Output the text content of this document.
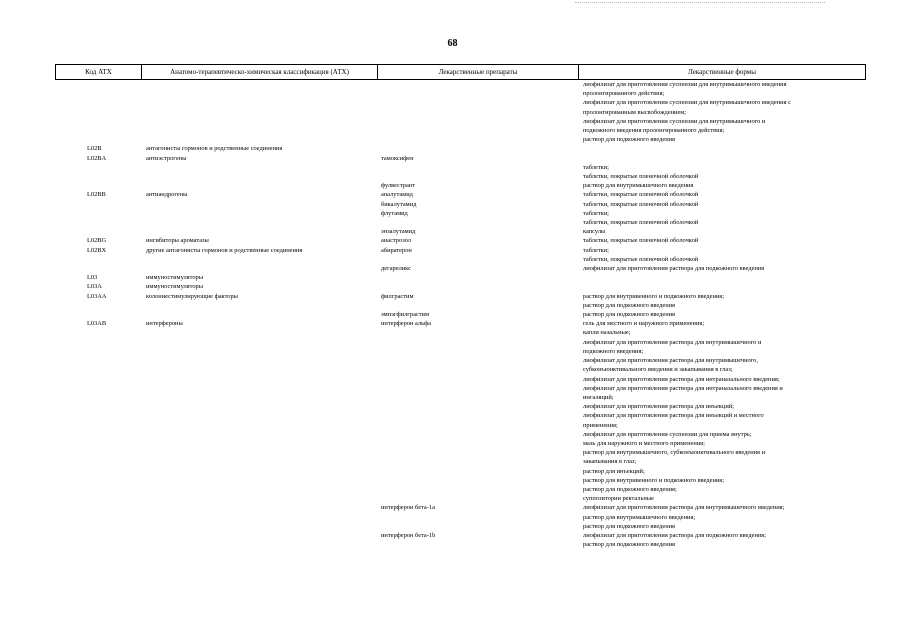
68
Код АТХ	Анатомо-терапевтическо-химическая классификация (АТХ)	Лекарственные препараты	Лекарственные формы
лиофилизат для приготовления суспензии для внутримышечного введения
пролонгированного действия;
лиофилизат для приготовления суспензии для внутримышечного введения с
пролонгированным высвобождением;
лиофилизат для приготовления суспензии для внутримышечного и
подкожного введения пролонгированного действия;
раствор для подкожного введения
L02B	антагонисты гормонов и родственные соединения
L02BA	антиэстрогены	тамоксифен
таблетки;
таблетки, покрытые пленочной оболочкой
фулвестрант	раствор для внутримышечного введения
L02BB	антиандрогены	апалутамид	таблетки, покрытые пленочной оболочкой
бикалутамид	таблетки, покрытые пленочной оболочкой
флутамид	таблетки;
таблетки, покрытые пленочной оболочкой
энзалутамид	капсулы
L02BG	ингибиторы ароматазы	анастрозол	таблетки, покрытые пленочной оболочкой
L02BX	другие антагонисты гормонов и родственные соединения	абиратерон	таблетки;
таблетки, покрытые пленочной оболочкой
дегареликс	лиофилизат для приготовления раствора для подкожного введения
L03	иммуностимуляторы
L03A	иммуностимуляторы
L03AA	колониестимулирующие факторы	филграстим	раствор для внутривенного и подкожного введения;
раствор для подкожного введения
эмпэгфилграстим	раствор для подкожного введения
L03AB	интерфероны	интерферон альфа	гель для местного и наружного применения;
капли назальные;
лиофилизат для приготовления раствора для внутримышечного и
подкожного введения;
лиофилизат для приготовления раствора для внутримышечного,
субконъюнктивального введения и закапывания в глаз;
лиофилизат для приготовления раствора для интраназального введения;
лиофилизат для приготовления раствора для интраназального введения и
ингаляций;
лиофилизат для приготовления раствора для инъекций;
лиофилизат для приготовления раствора для инъекций и местного
применения;
лиофилизат для приготовления суспензии для приема внутрь;
мазь для наружного и местного применения;
раствор для внутримышечного, субконъюнктивального введения и
закапывания в глаз;
раствор для инъекций;
раствор для внутривенного и подкожного введения;
раствор для подкожного введения;
суппозитории ректальные
интерферон бета-1a	лиофилизат для приготовления раствора для внутримышечного введения;
раствор для внутримышечного введения;
раствор для подкожного введения
интерферон бета-1b	лиофилизат для приготовления раствора для подкожного введения;
раствор для подкожного введения
